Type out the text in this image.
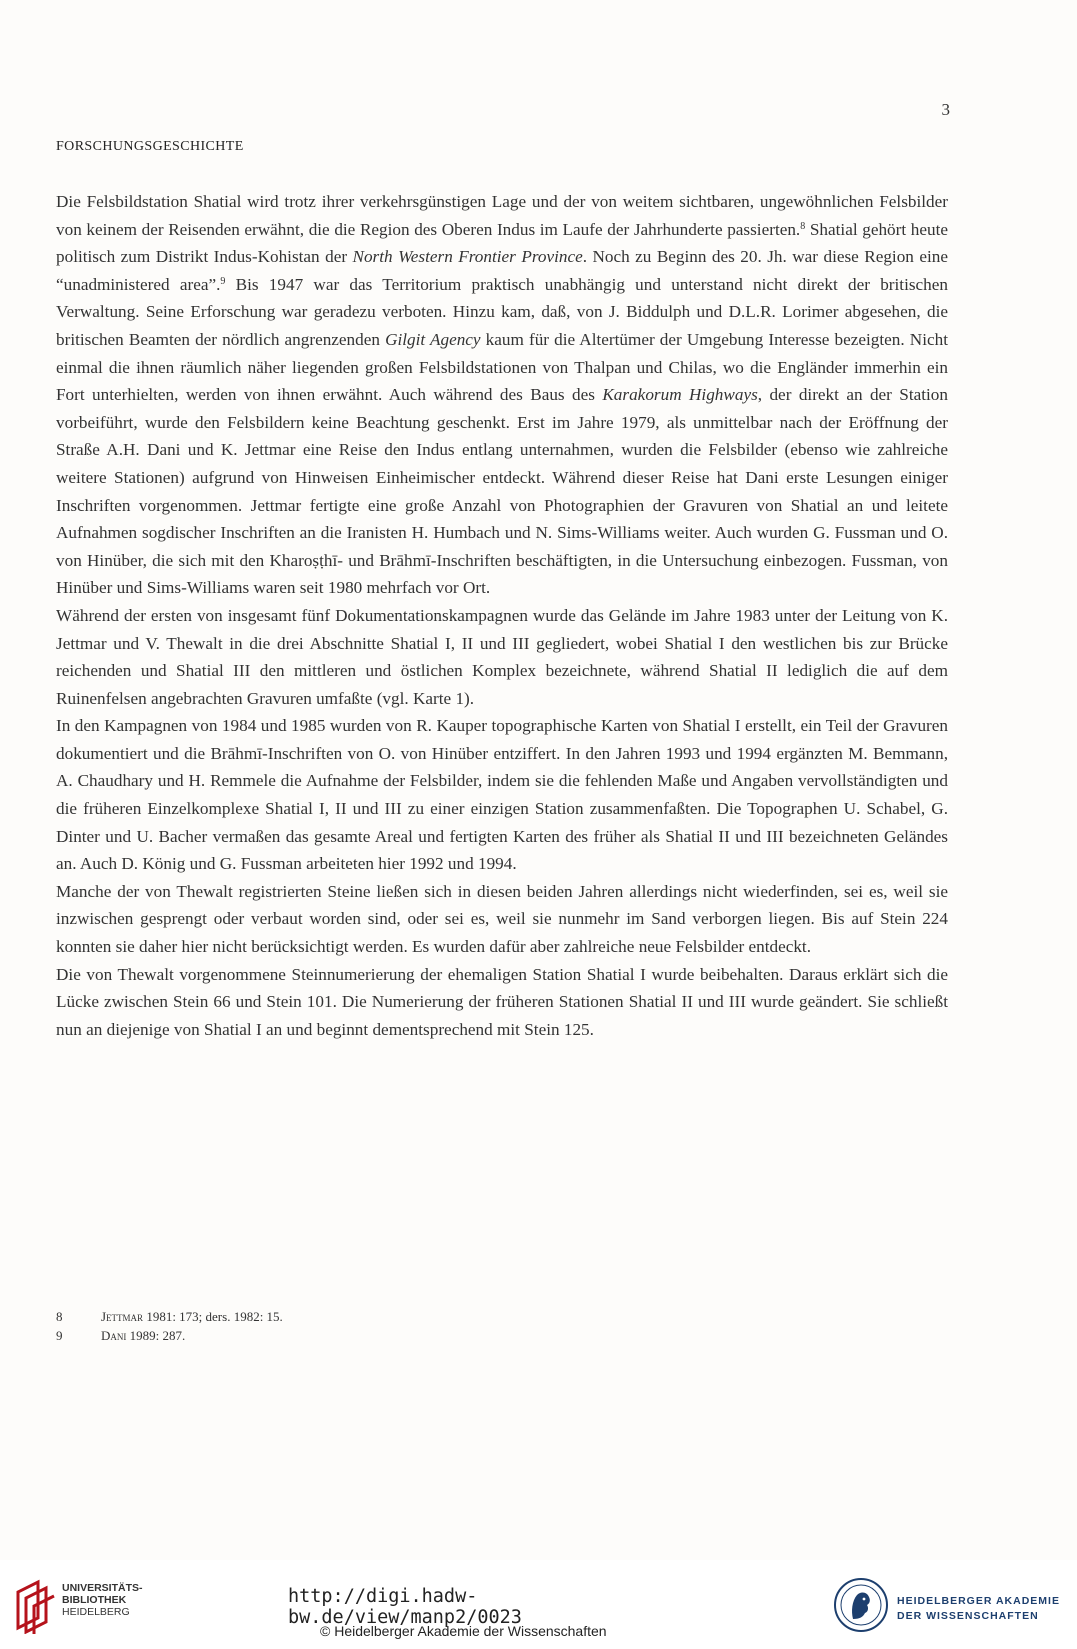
3
FORSCHUNGSGESCHICHTE

Die Felsbildstation Shatial wird trotz ihrer verkehrsgünstigen Lage und der von weitem sichtbaren, ungewöhnlichen Felsbilder von keinem der Reisenden erwähnt, die die Region des Oberen Indus im Laufe der Jahrhunderte passierten.$^8$ Shatial gehört heute politisch zum Distrikt Indus-Kohistan der North Western Frontier Province. Noch zu Beginn des 20. Jh. war diese Region eine “unadministered area”.$^9$ Bis 1947 war das Territorium praktisch unabhängig und unterstand nicht direkt der britischen Verwaltung. Seine Erforschung war geradezu verboten. Hinzu kam, daß, von J. Biddulph und D.L.R. Lorimer abgesehen, die britischen Beamten der nördlich angrenzenden Gilgit Agency kaum für die Altertümer der Umgebung Interesse bezeigten. Nicht einmal die ihnen räumlich näher liegenden großen Felsbildstationen von Thalpan und Chilas, wo die Engländer immerhin ein Fort unterhielten, werden von ihnen erwähnt. Auch während des Baus des Karakorum Highways, der direkt an der Station vorbeiführt, wurde den Felsbildern keine Beachtung geschenkt. Erst im Jahre 1979, als unmittelbar nach der Eröffnung der Straße A.H. Dani und K. Jettmar eine Reise den Indus entlang unternahmen, wurden die Felsbilder (ebenso wie zahlreiche weitere Stationen) aufgrund von Hinweisen Einheimischer entdeckt. Während dieser Reise hat Dani erste Lesungen einiger Inschriften vorgenommen. Jettmar fertigte eine große Anzahl von Photographien der Gravuren von Shatial an und leitete Aufnahmen sogdischer Inschriften an die Iranisten H. Humbach und N. Sims-Williams weiter. Auch wurden G. Fussman und O. von Hinüber, die sich mit den Kharoṣṭhī- und Brāhmī-Inschriften beschäftigten, in die Untersuchung einbezogen. Fussman, von Hinüber und Sims-Williams waren seit 1980 mehrfach vor Ort.

Während der ersten von insgesamt fünf Dokumentationskampagnen wurde das Gelände im Jahre 1983 unter der Leitung von K. Jettmar und V. Thewalt in die drei Abschnitte Shatial I, II und III gegliedert, wobei Shatial I den westlichen bis zur Brücke reichenden und Shatial III den mittleren und östlichen Komplex bezeichnete, während Shatial II lediglich die auf dem Ruinenfelsen angebrachten Gravuren umfaßte (vgl. Karte 1).

In den Kampagnen von 1984 und 1985 wurden von R. Kauper topographische Karten von Shatial I erstellt, ein Teil der Gravuren dokumentiert und die Brāhmī-Inschriften von O. von Hinüber entziffert. In den Jahren 1993 und 1994 ergänzten M. Bemmann, A. Chaudhary und H. Remmele die Aufnahme der Felsbilder, indem sie die fehlenden Maße und Angaben vervollständigten und die früheren Einzelkomplexe Shatial I, II und III zu einer einzigen Station zusammenfaßten. Die Topographen U. Schabel, G. Dinter und U. Bacher vermaßen das gesamte Areal und fertigten Karten des früher als Shatial II und III bezeichneten Geländes an. Auch D. König und G. Fussman arbeiteten hier 1992 und 1994.

Manche der von Thewalt registrierten Steine ließen sich in diesen beiden Jahren allerdings nicht wiederfinden, sei es, weil sie inzwischen gesprengt oder verbaut worden sind, oder sei es, weil sie nunmehr im Sand verborgen liegen. Bis auf Stein 224 konnten sie daher hier nicht berücksichtigt werden. Es wurden dafür aber zahlreiche neue Felsbilder entdeckt.

Die von Thewalt vorgenommene Steinnumerierung der ehemaligen Station Shatial I wurde beibehalten. Daraus erklärt sich die Lücke zwischen Stein 66 und Stein 101. Die Numerierung der früheren Stationen Shatial II und III wurde geändert. Sie schließt nun an diejenige von Shatial I an und beginnt dementsprechend mit Stein 125.

8	Jettmar 1981: 173; ders. 1982: 15.
9	Dani 1989: 287.
UNIVERSITÄTS-
BIBLIOTHEK
HEIDELBERG
http://digi.hadw-bw.de/view/manp2/0023
© Heidelberger Akademie der Wissenschaften
HEIDELBERGER AKADEMIE
DER WISSENSCHAFTEN
